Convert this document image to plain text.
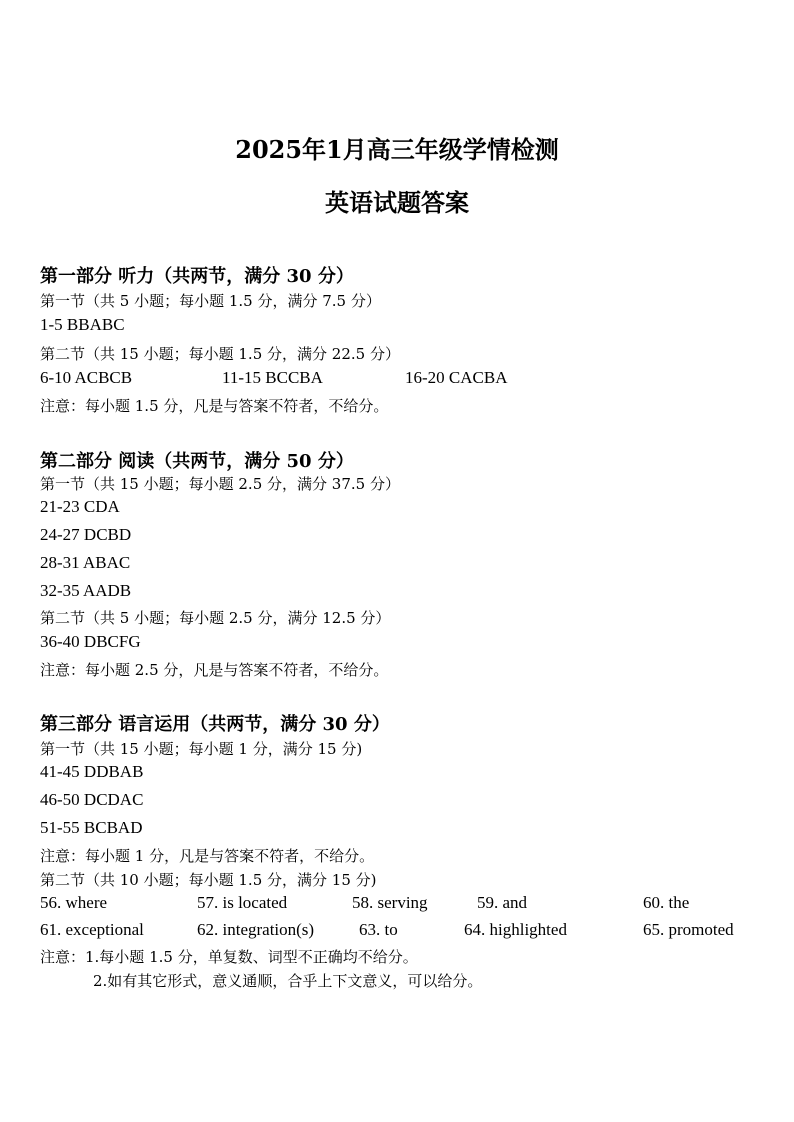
2025年1月高三年级学情检测
英语试题答案
第一部分 听力（共两节，满分 30 分）
第一节（共 5 小题；每小题 1.5 分，满分 7.5 分）
1-5 BBABC
第二节（共 15 小题；每小题 1.5 分，满分 22.5 分）
6-10 ACBCB	11-15 BCCBA	16-20 CACBA
注意：每小题 1.5 分，凡是与答案不符者，不给分。
第二部分 阅读（共两节，满分 50 分）
第一节（共 15 小题；每小题 2.5 分，满分 37.5 分）
21-23 CDA
24-27 DCBD
28-31 ABAC
32-35 AADB
第二节（共 5 小题；每小题 2.5 分，满分 12.5 分）
36-40 DBCFG
注意：每小题 2.5 分，凡是与答案不符者，不给分。
第三部分 语言运用（共两节，满分 30 分）
第一节（共 15 小题；每小题 1 分，满分 15 分)
41-45 DDBAB
46-50 DCDAC
51-55 BCBAD
注意：每小题 1 分，凡是与答案不符者，不给分。
第二节（共 10 小题；每小题 1.5 分，满分 15 分)
56. where	57. is located	58. serving	59. and	60. the
61. exceptional	62. integration(s)	63. to	64. highlighted	65. promoted
注意：1.每小题 1.5 分，单复数、词型不正确均不给分。
2.如有其它形式，意义通顺，合乎上下文意义，可以给分。
